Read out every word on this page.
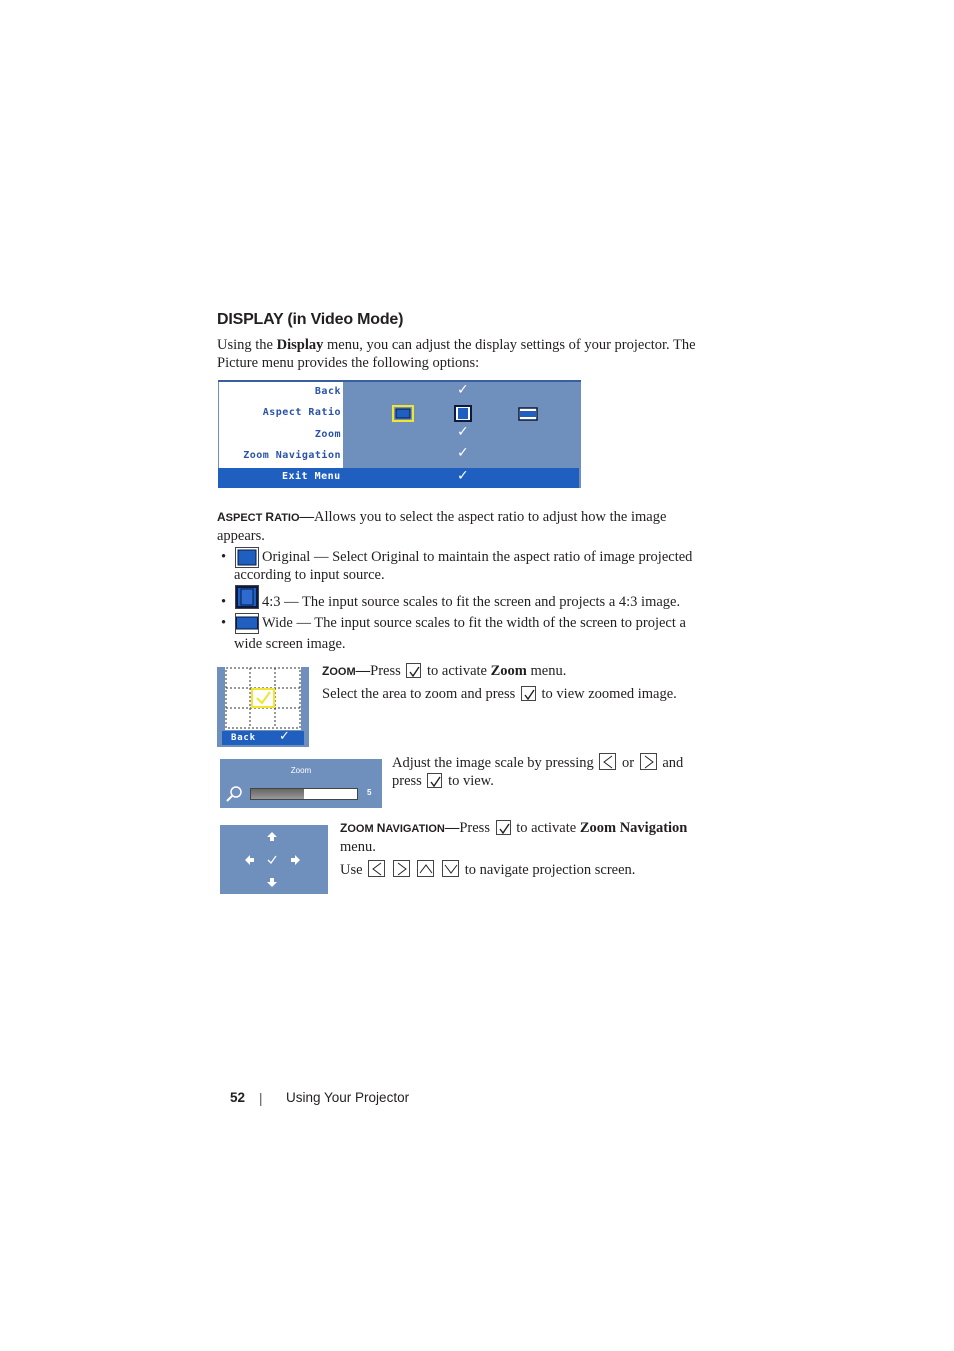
DISPLAY (in Video Mode)
Using the Display menu, you can adjust the display settings of your projector. The
Picture menu provides the following options:
Back
Aspect Ratio
Zoom
Zoom Navigation
✓
✓
✓
Exit Menu	✓
ASPECT RATIO—Allows you to select the aspect ratio to adjust how the image
appears.
• Original — Select Original to maintain the aspect ratio of image projected
according to input source.
• 4:3 — The input source scales to fit the screen and projects a 4:3 image.
• Wide — The input source scales to fit the width of the screen to project a
wide screen image.
Back ✓
ZOOM—Press
to activate Zoom menu.
Select the area to zoom and press
to view zoomed image.
Zoom
5
Adjust the image scale by pressing
or
and
press
to view.
ZOOM NAVIGATION—Press
to activate Zoom Navigation
menu.
Use

	to navigate projection screen.
52 | Using Your Projector
